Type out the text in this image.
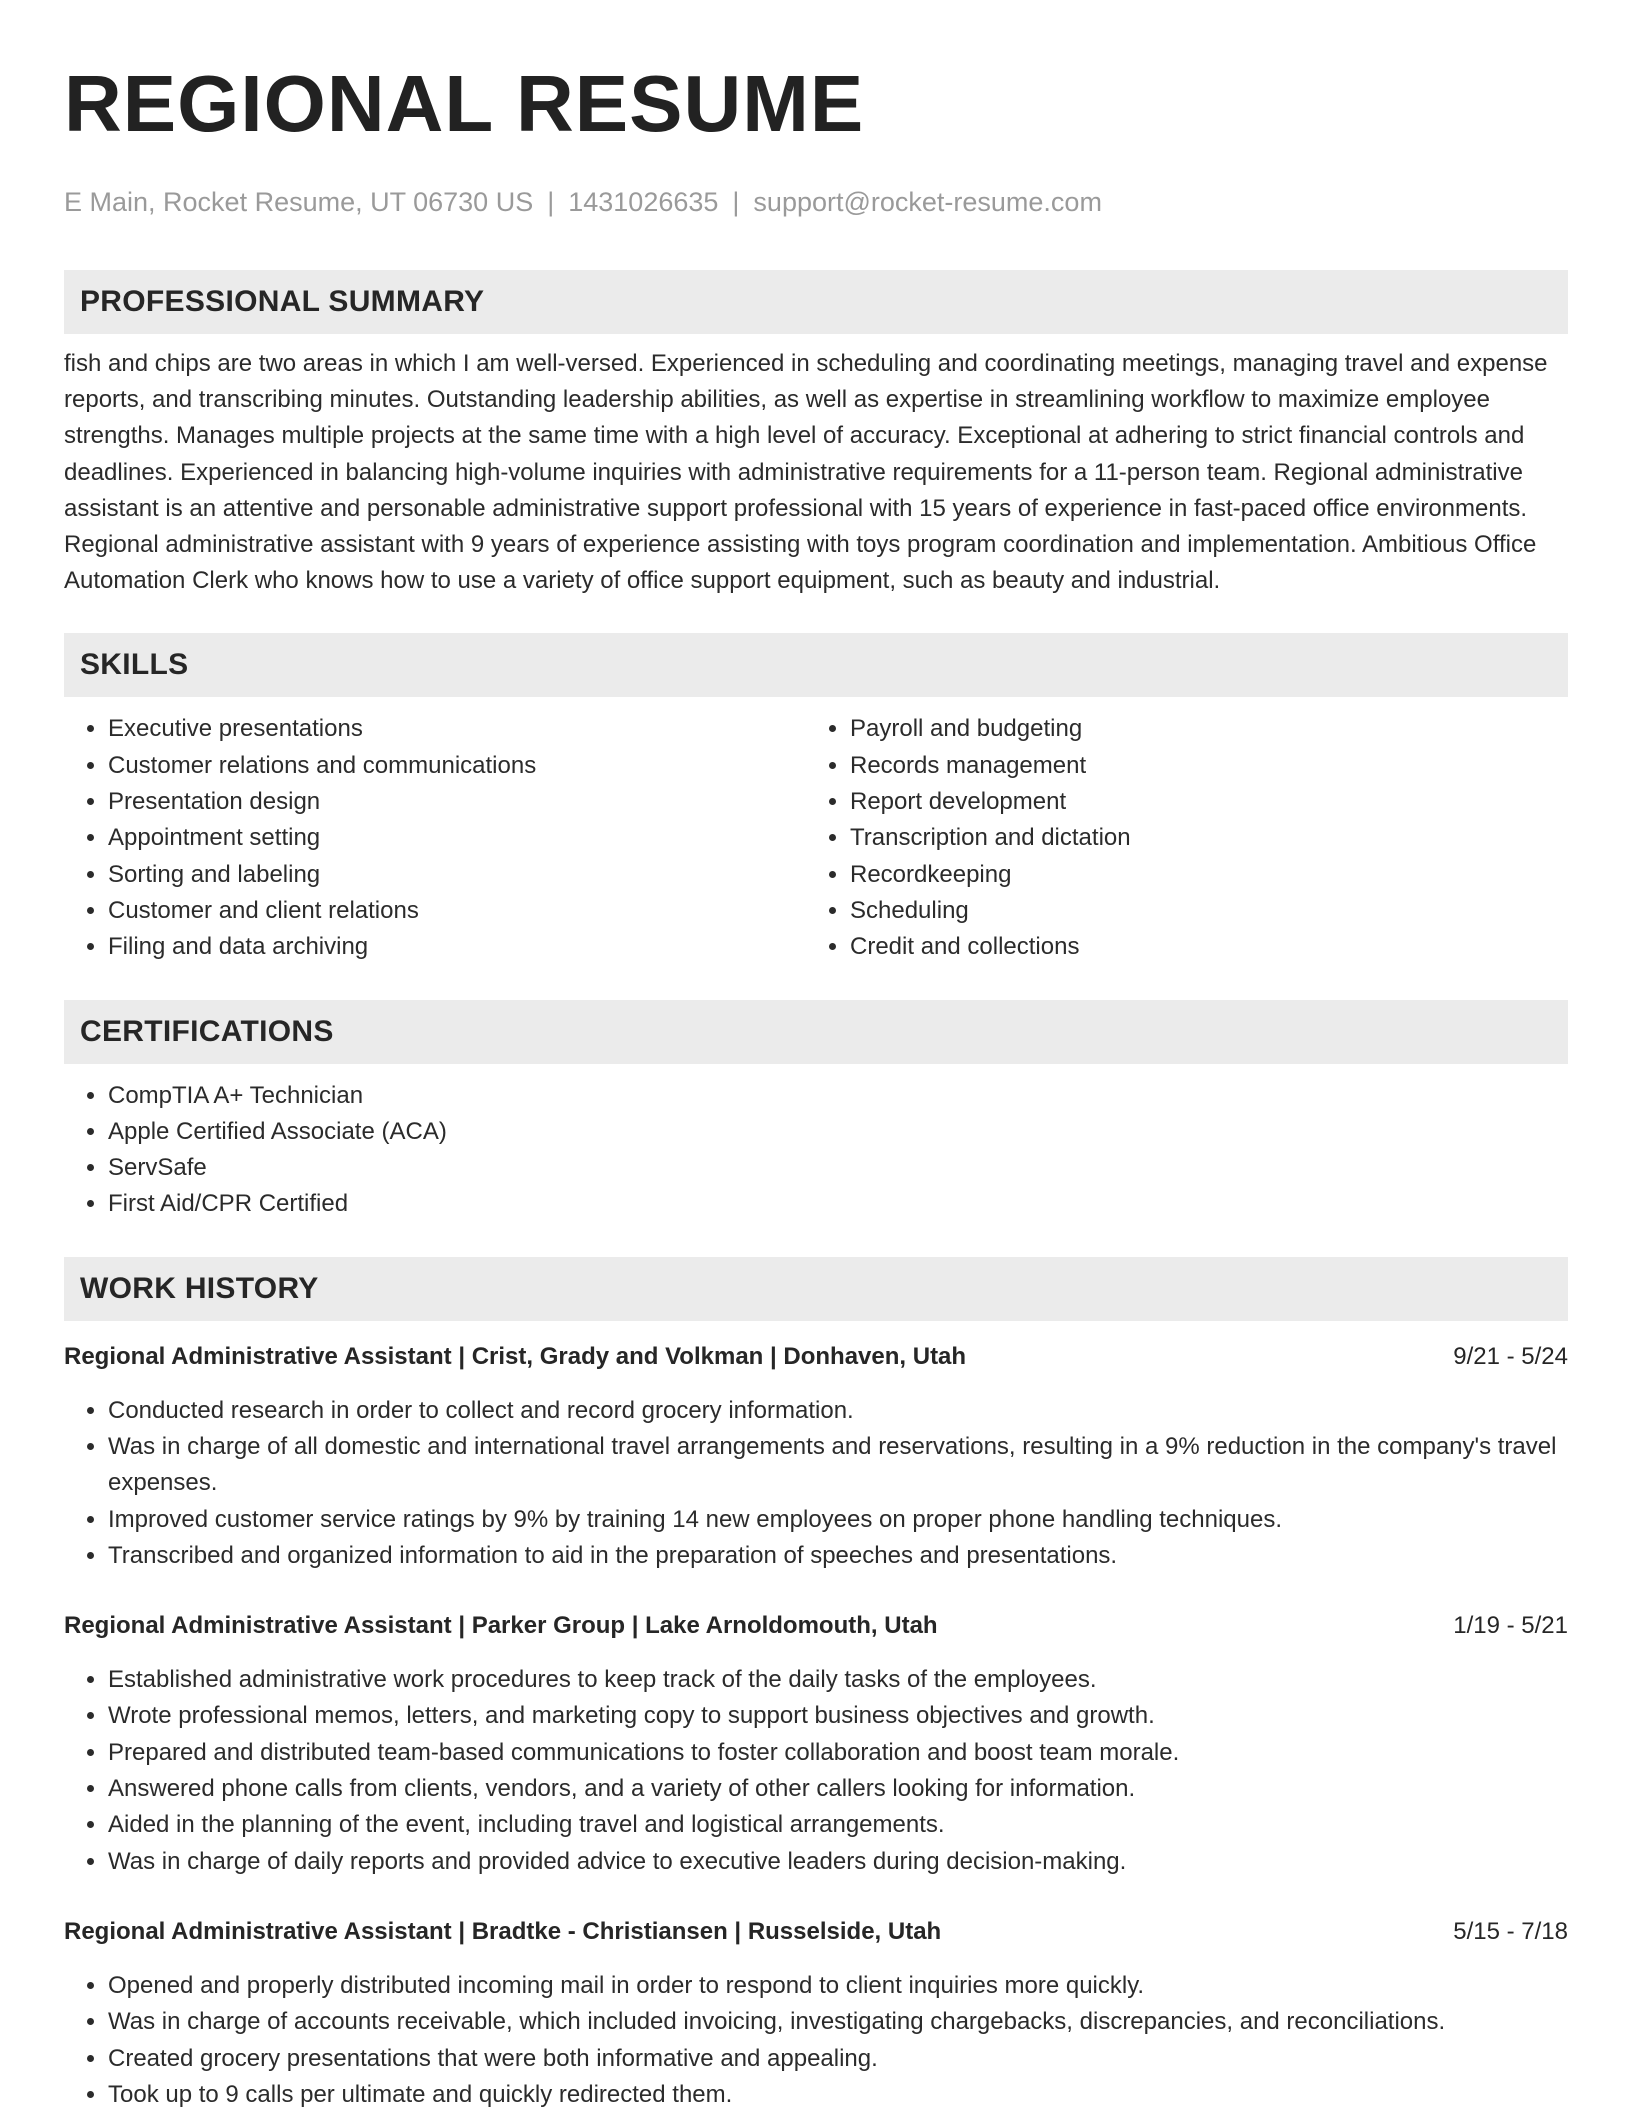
REGIONAL RESUME
E Main, Rocket Resume, UT 06730 US | 1431026635 | support@rocket-resume.com
PROFESSIONAL SUMMARY

fish and chips are two areas in which I am well-versed. Experienced in scheduling and coordinating meetings, managing travel and expense reports, and transcribing minutes. Outstanding leadership abilities, as well as expertise in streamlining workflow to maximize employee strengths. Manages multiple projects at the same time with a high level of accuracy. Exceptional at adhering to strict financial controls and deadlines. Experienced in balancing high-volume inquiries with administrative requirements for a 11-person team. Regional administrative assistant is an attentive and personable administrative support professional with 15 years of experience in fast-paced office environments. Regional administrative assistant with 9 years of experience assisting with toys program coordination and implementation. Ambitious Office Automation Clerk who knows how to use a variety of office support equipment, such as beauty and industrial.

SKILLS
• Executive presentations
• Customer relations and communications
• Presentation design
• Appointment setting
• Sorting and labeling
• Customer and client relations
• Filing and data archiving
• Payroll and budgeting
• Records management
• Report development
• Transcription and dictation
• Recordkeeping
• Scheduling
• Credit and collections
CERTIFICATIONS
• CompTIA A+ Technician
• Apple Certified Associate (ACA)
• ServSafe
• First Aid/CPR Certified
WORK HISTORY
Regional Administrative Assistant | Crist, Grady and Volkman | Donhaven, Utah	9/21 - 5/24
• Conducted research in order to collect and record grocery information.
• Was in charge of all domestic and international travel arrangements and reservations, resulting in a 9% reduction in the company's travel expenses.
• Improved customer service ratings by 9% by training 14 new employees on proper phone handling techniques.
• Transcribed and organized information to aid in the preparation of speeches and presentations.
Regional Administrative Assistant | Parker Group | Lake Arnoldomouth, Utah	1/19 - 5/21
• Established administrative work procedures to keep track of the daily tasks of the employees.
• Wrote professional memos, letters, and marketing copy to support business objectives and growth.
• Prepared and distributed team-based communications to foster collaboration and boost team morale.
• Answered phone calls from clients, vendors, and a variety of other callers looking for information.
• Aided in the planning of the event, including travel and logistical arrangements.
• Was in charge of daily reports and provided advice to executive leaders during decision-making.
Regional Administrative Assistant | Bradtke - Christiansen | Russelside, Utah	5/15 - 7/18
• Opened and properly distributed incoming mail in order to respond to client inquiries more quickly.
• Was in charge of accounts receivable, which included invoicing, investigating chargebacks, discrepancies, and reconciliations.
• Created grocery presentations that were both informative and appealing.
• Took up to 9 calls per ultimate and quickly redirected them.
